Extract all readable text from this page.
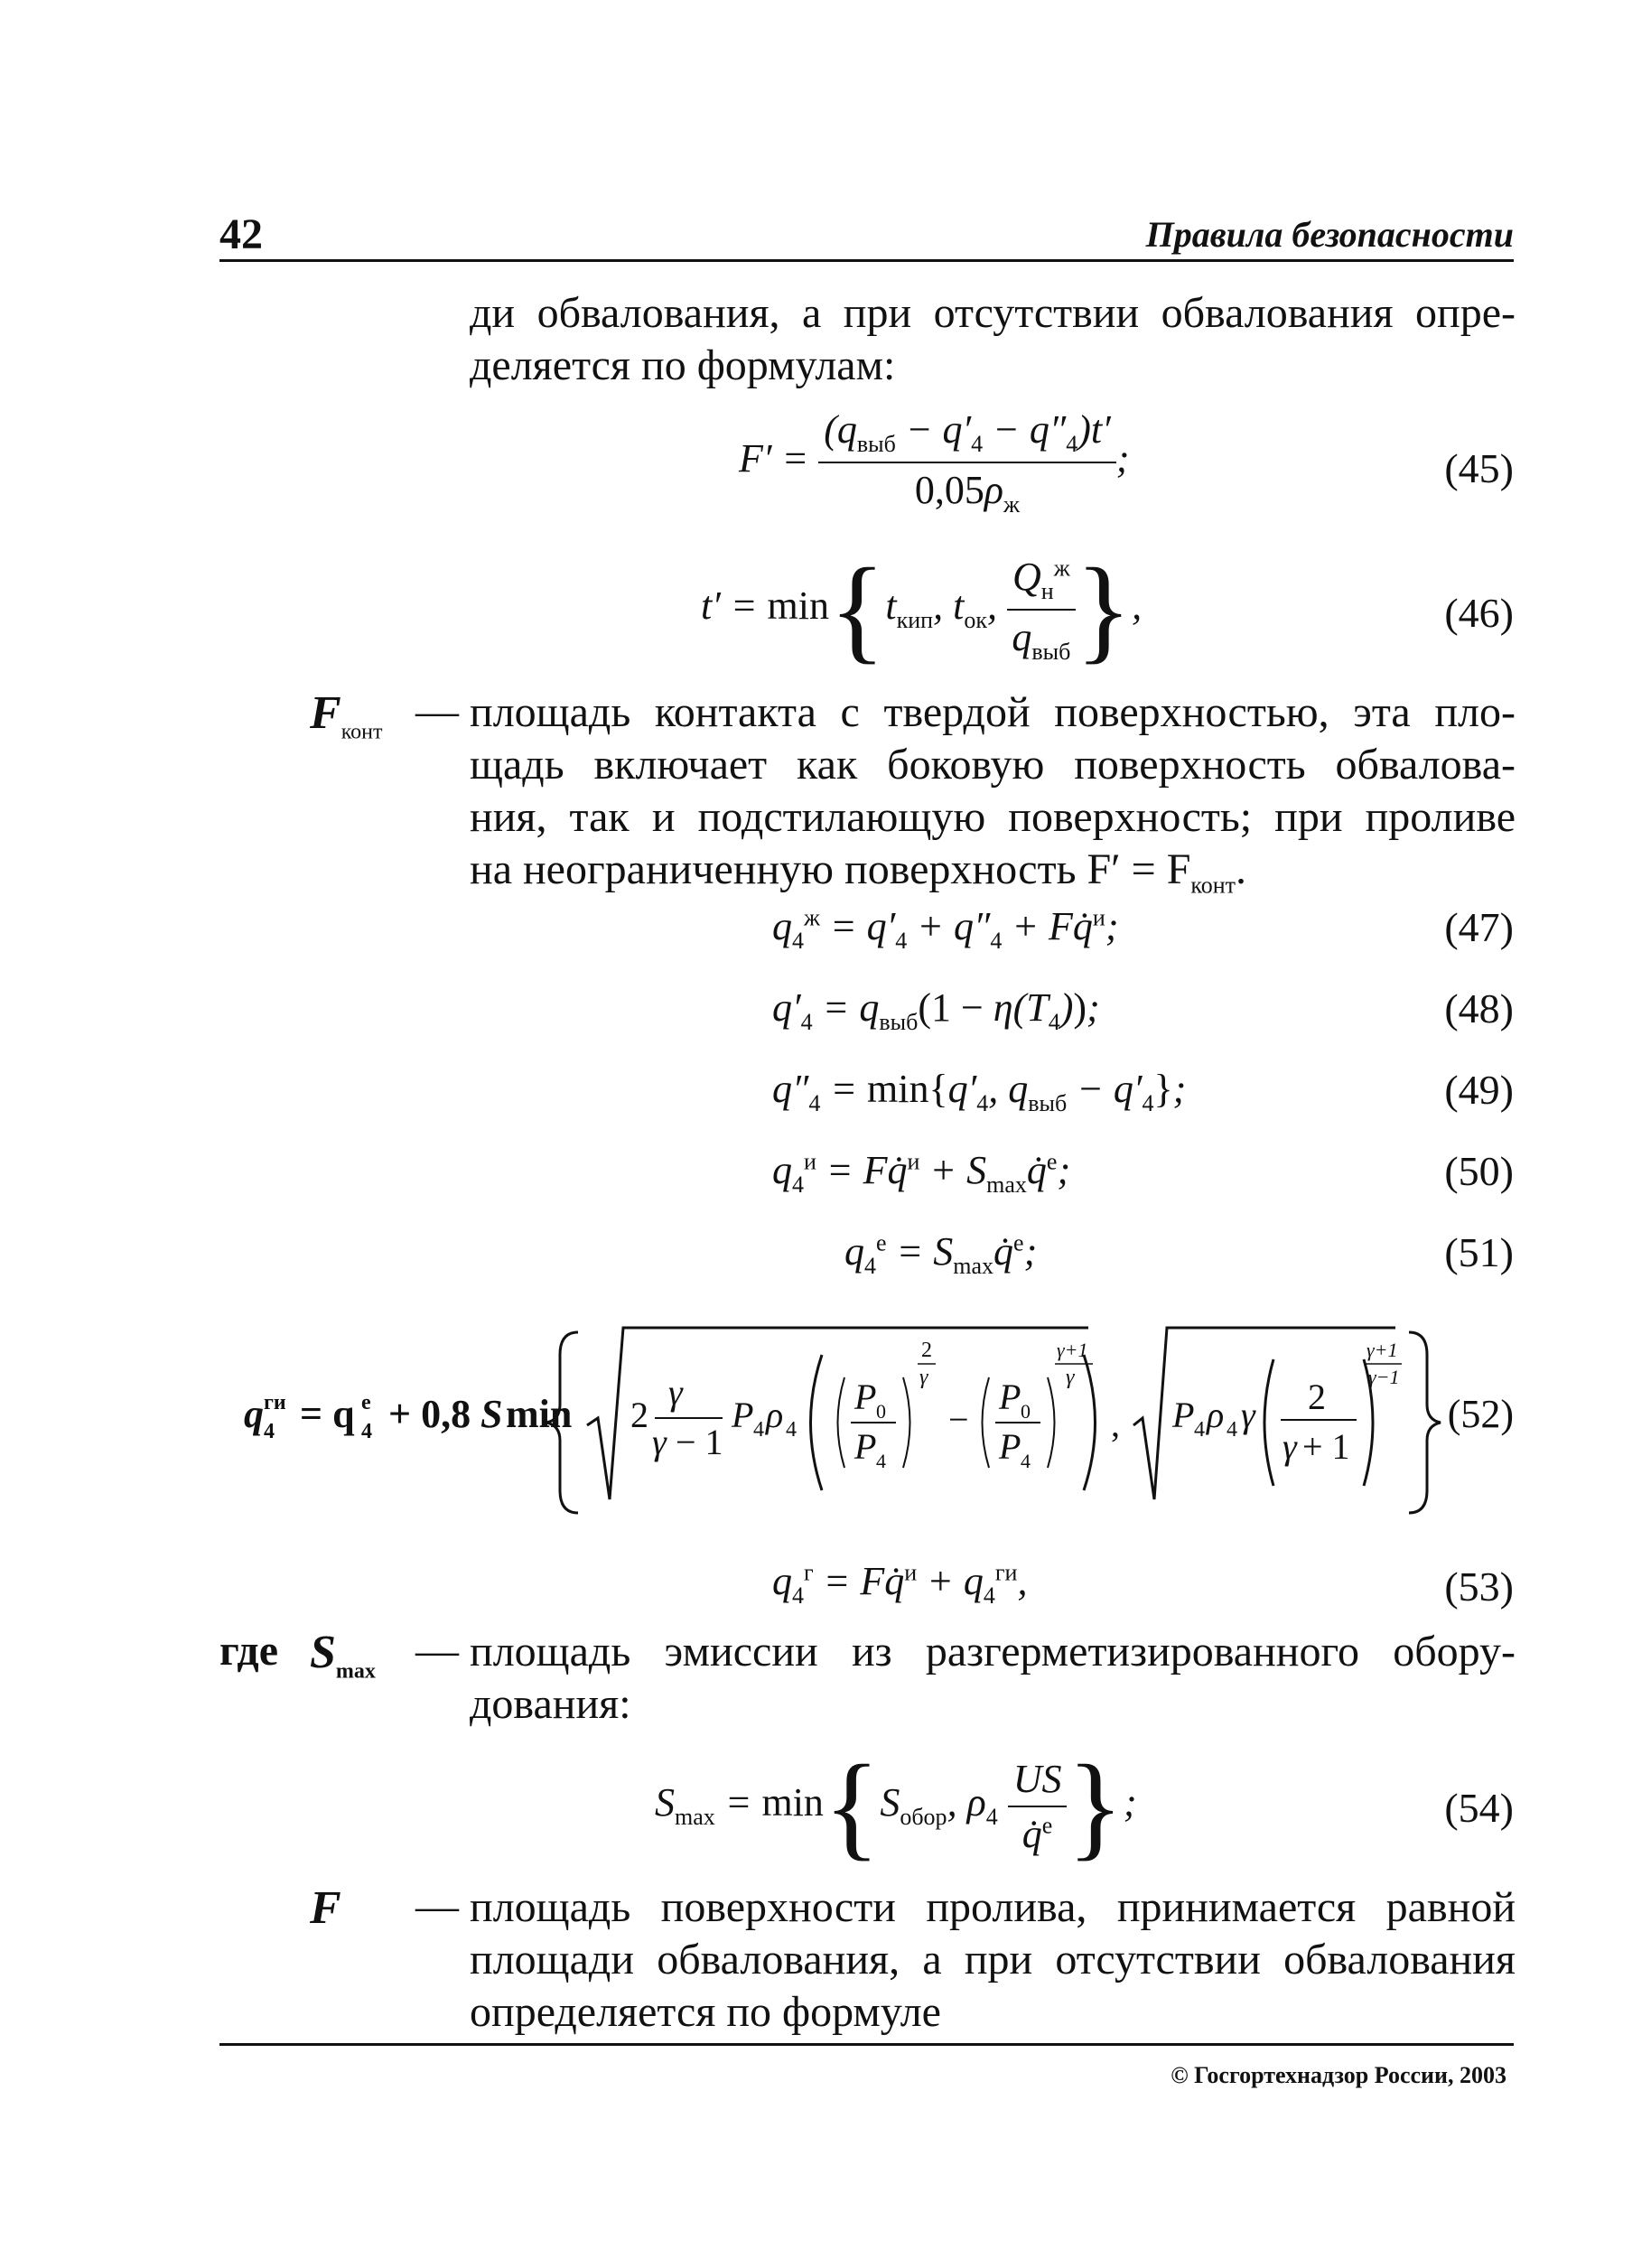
42	Правила безопасности
ди обвалования, а при отсутствии обвалования опре-
деляется по формулам:
$F' = \frac{(q_{выб} - q'_4 - q''_4)t'}{0,05\rho_ж}$ ;	(45)
$t' = \min\{t_{кип}$, $t_{ок}$, $\frac{Q_н^ж}{q_{выб}}$ },	(46)
$F_{конт}$ — площадь контакта с твердой поверхностью, эта пло-
щадь включает как боковую поверхность обвалова-
ния, так и подстилающую поверхность; при проливе
на неограниченную поверхность $F' = F_{конт}$.
$q_4^ж = q'_4 + q''_4$ + Fq̇$^и$;	(47)
$q'_4 = q_{выб}(1 - \eta(T_4))$;	(48)
$q''_4 = \min\{q'_4$, $q_{выб} - q'_4$};	(49)
$q_4^и$ = Fq̇$^и$ + $S_{max}q̇^е$;	(50)
$q_4^е$ = $S_{max}q̇^е$;	(51)
q 4
ги = q 4
е + 0,8 S min 2
γ
γ − 1
P 4 ρ 4
P 0
P 4
2
γ
−
P 0
P 4
γ+1
γ
, P 4 ρ 4 γ 2
γ + 1
γ+1
γ−1
(52)
$q_4^г$ = Fq̇$^и$ + $q_4^{ги}$,	(53)
где $S_{max}$ — площадь эмиссии из разгерметизированного обору-
дования:
$S_{max} = \min\{S_{обор}$, $\rho_4 \frac{US}{q̇^е}$ };	(54)
F — площадь поверхности пролива, принимается равной
площади обвалования, а при отсутствии обвалования
определяется по формуле
© Госгортехнадзор России, 2003
